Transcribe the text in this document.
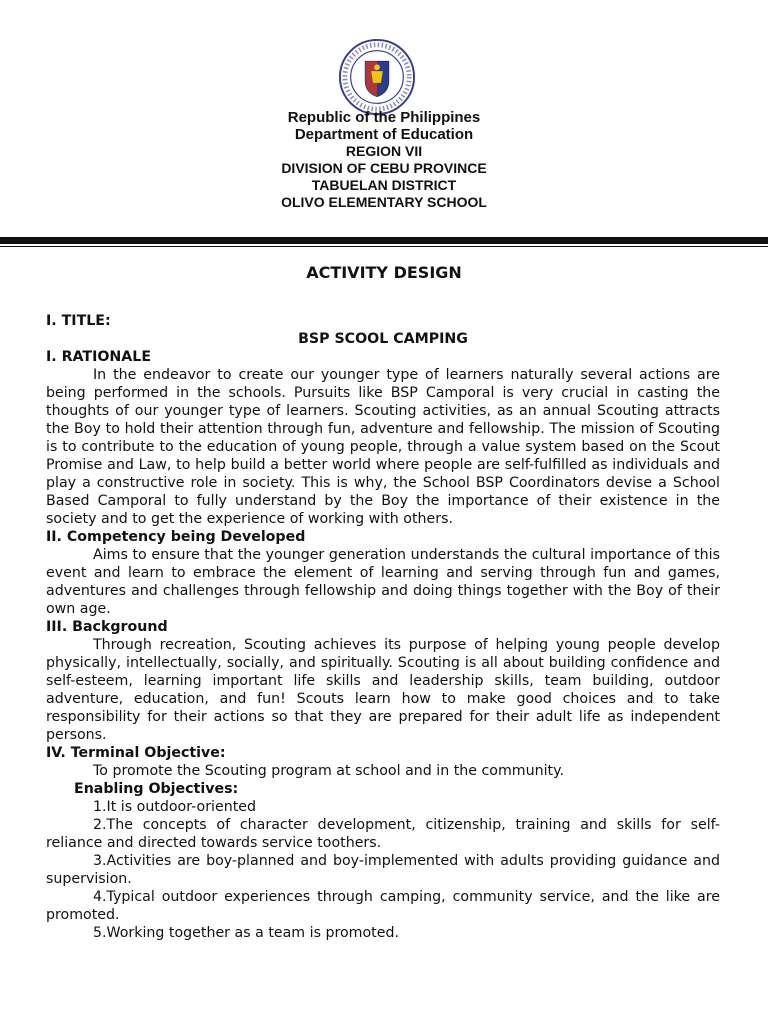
Republic of the Philippines
Department of Education
REGION VII
DIVISION OF CEBU PROVINCE
TABUELAN DISTRICT
OLIVO ELEMENTARY SCHOOL
ACTIVITY DESIGN
I. TITLE:
BSP SCOOL CAMPING
I. RATIONALE

In the endeavor to create our younger type of learners naturally several actions are being performed in the schools. Pursuits like BSP Camporal is very crucial in casting the thoughts of our younger type of learners. Scouting activities, as an annual Scouting attracts the Boy to hold their attention through fun, adventure and fellowship. The mission of Scouting is to contribute to the education of young people, through a value system based on the Scout Promise and Law, to help build a better world where people are self-fulfilled as individuals and play a constructive role in society. This is why, the School BSP Coordinators devise a School Based Camporal to fully understand by the Boy the importance of their existence in the society and to get the experience of working with others.

II. Competency being Developed

Aims to ensure that the younger generation understands the cultural importance of this event and learn to embrace the element of learning and serving through fun and games, adventures and challenges through fellowship and doing things together with the Boy of their own age.

III. Background

Through recreation, Scouting achieves its purpose of helping young people develop physically, intellectually, socially, and spiritually. Scouting is all about building confidence and self-esteem, learning important life skills and leadership skills, team building, outdoor adventure, education, and fun! Scouts learn how to make good choices and to take responsibility for their actions so that they are prepared for their adult life as independent persons.

IV. Terminal Objective:

To promote the Scouting program at school and in the community.

Enabling Objectives:

1.It is outdoor-oriented

2.The concepts of character development, citizenship, training and skills for self-reliance and directed towards service toothers.

3.Activities are boy-planned and boy-implemented with adults providing guidance and supervision.

4.Typical outdoor experiences through camping, community service, and the like are promoted.

5.Working together as a team is promoted.
